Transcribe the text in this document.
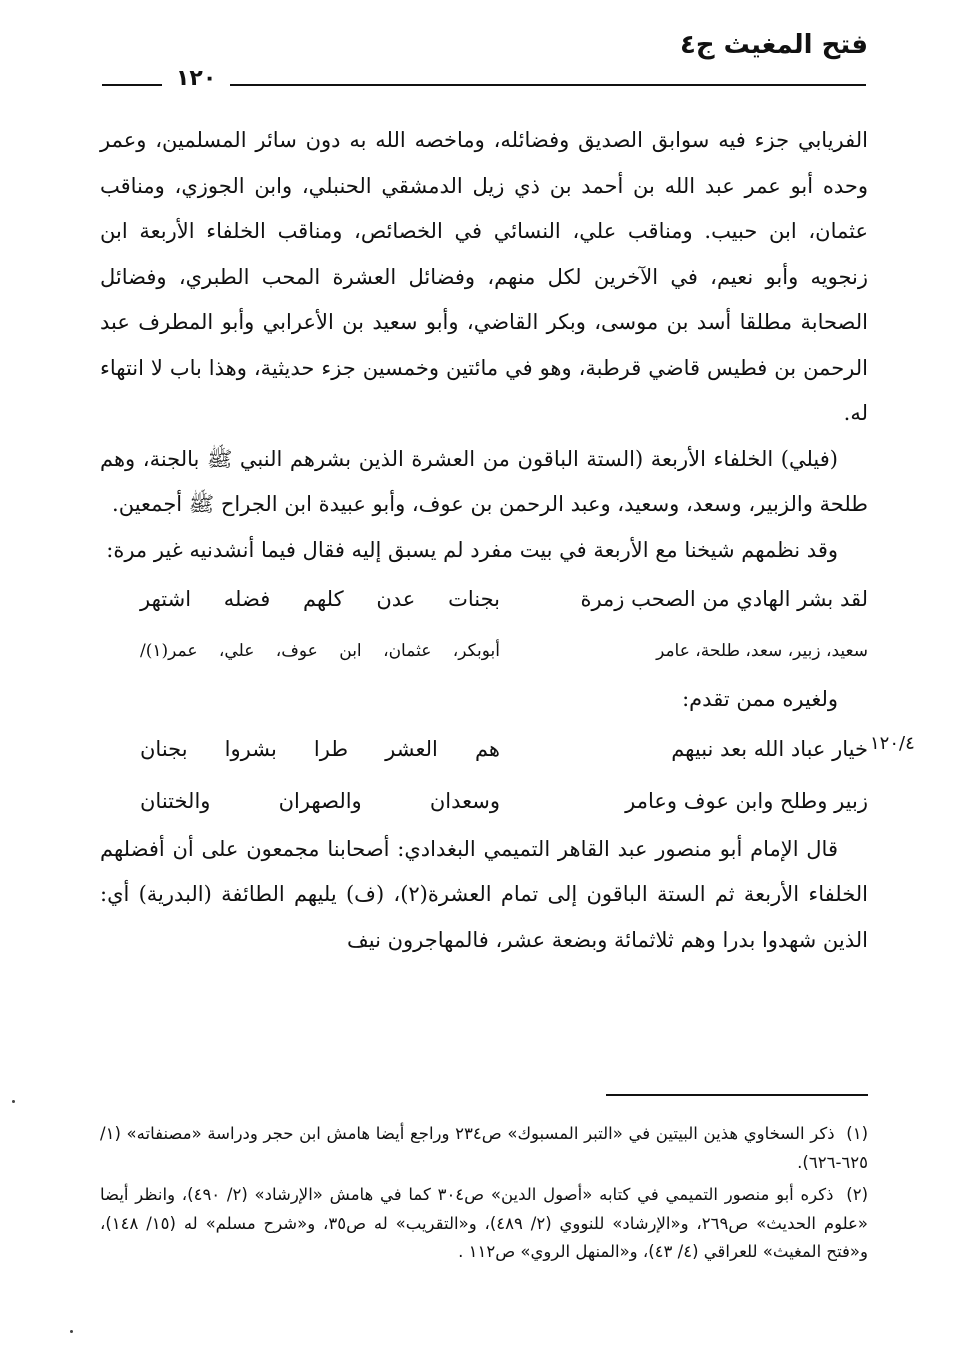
فتح المغيث ج٤
١٢٠
١٢٠/٤

الفريابي جزء فيه سوابق الصديق وفضائله، وماخصه الله به دون سائر المسلمين، وعمر وحده أبو عمر عبد الله بن أحمد بن ذي زيل الدمشقي الحنبلي، وابن الجوزي، ومناقب عثمان، ابن حبيب. ومناقب علي، النسائي في الخصائص، ومناقب الخلفاء الأربعة ابن زنجويه وأبو نعيم، في الآخرين لكل منهم، وفضائل العشرة المحب الطبري، وفضائل الصحابة مطلقا أسد بن موسى، وبكر القاضي، وأبو سعيد بن الأعرابي وأبو المطرف عبد الرحمن بن فطيس قاضي قرطبة، وهو في مائتين وخمسين جزء حديثية، وهذا باب لا انتهاء له.

(فيلي) الخلفاء الأربعة (الستة الباقون من العشرة الذين بشرهم النبي ﷺ بالجنة، وهم طلحة والزبير، وسعد، وسعيد، وعبد الرحمن بن عوف، وأبو عبيدة ابن الجراح ﷺ أجمعين.

وقد نظمهم شيخنا مع الأربعة في بيت مفرد لم يسبق إليه فقال فيما أنشدنيه غير مرة:

لقد بشر الهادي من الصحب زمرة
بجنات عدن كلهم فضله اشتهر
سعيد، زبير، سعد، طلحة، عامر
أبوبكر، عثمان، ابن عوف، علي، عمر(١)/

ولغيره ممن تقدم:

خيار عباد الله بعد نبيهم
هم العشر طرا بشروا بجنان
زبير وطلح وابن عوف وعامر
وسعدان والصهران والختنان

قال الإمام أبو منصور عبد القاهر التميمي البغدادي: أصحابنا مجمعون على أن أفضلهم الخلفاء الأربعة ثم الستة الباقون إلى تمام العشرة(٢)، (ف) يليهم الطائفة (البدرية) أي: الذين شهدوا بدرا وهم ثلاثمائة وبضعة عشر، فالمهاجرون نيف

(١) ذكر السخاوي هذين البيتين في «التبر المسبوك» ص٢٣٤ وراجع أيضا هامش ابن حجر ودراسة «مصنفاته» (١/ ٦٢٥-٦٢٦).

(٢) ذكره أبو منصور التميمي في كتابه «أصول الدين» ص٣٠٤ كما في هامش «الإرشاد» (٢/ ٤٩٠)، وانظر أيضا «علوم الحديث» ص٢٦٩، و«الإرشاد» للنووي (٢/ ٤٨٩)، و«التقريب» له ص٣٥، و«شرح مسلم» له (١٥/ ١٤٨)، و«فتح المغيث» للعراقي (٤/ ٤٣)، و«المنهل الروي» ص١١٢ .
